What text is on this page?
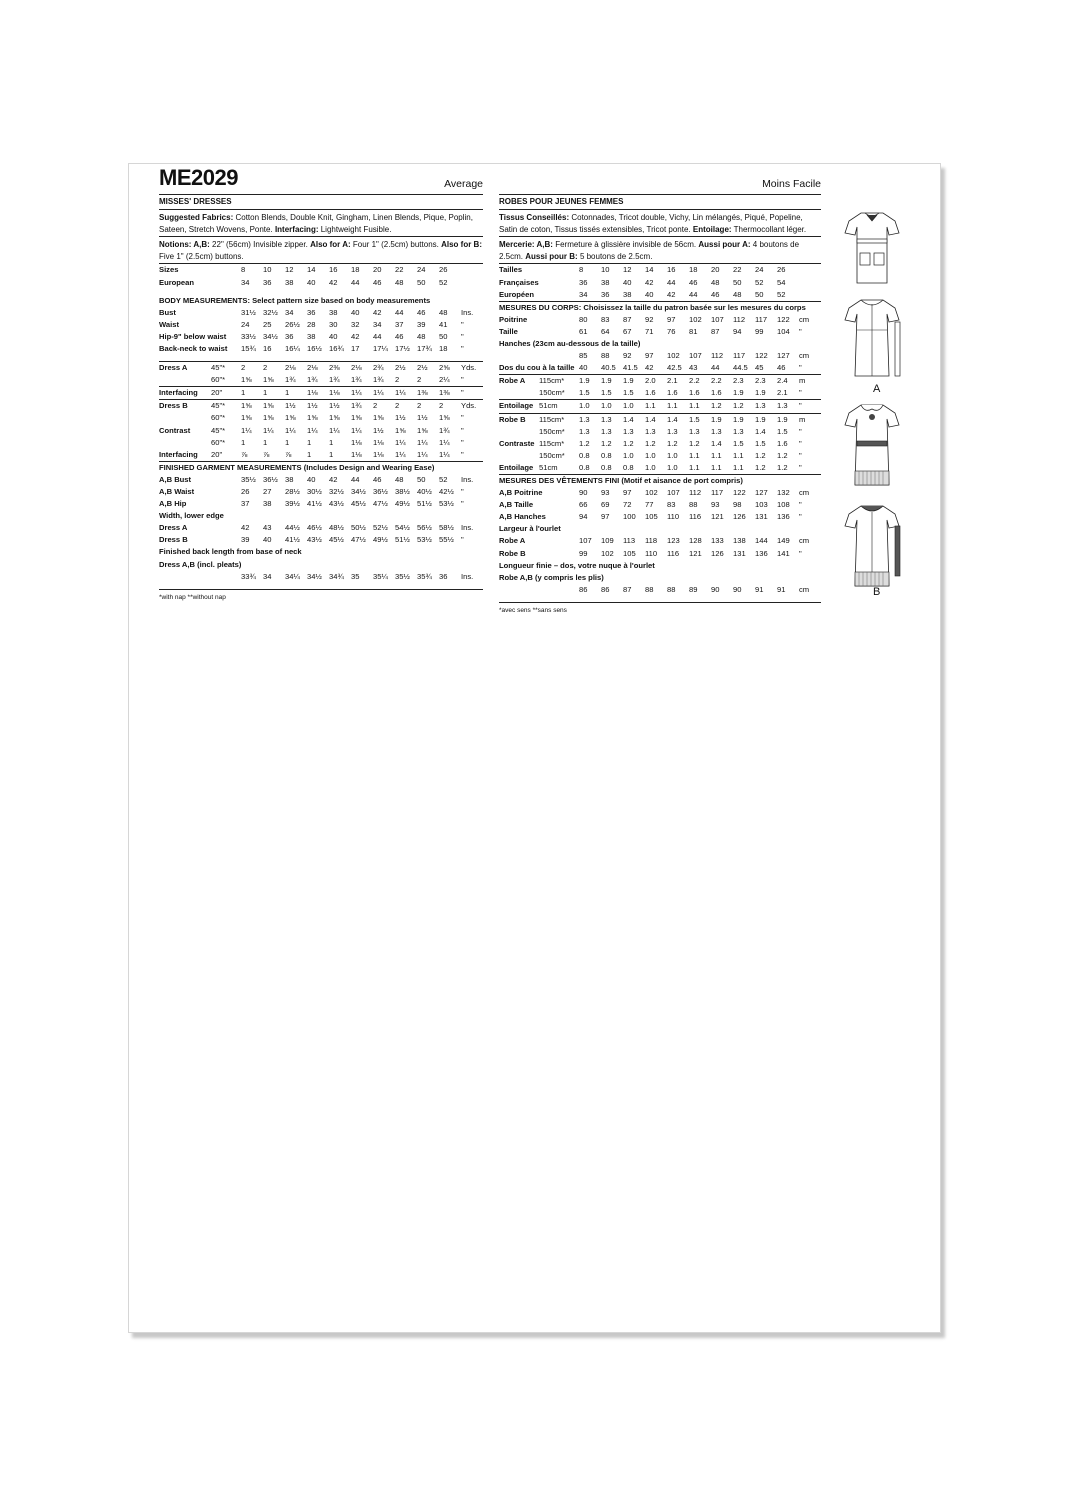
ME2029	Average
MISSES' DRESSES
Suggested Fabrics: Cotton Blends, Double Knit, Gingham, Linen Blends, Pique, Poplin, Sateen, Stretch Wovens, Ponte. Interfacing: Lightweight Fusible.
Notions: A,B: 22" (56cm) Invisible zipper. Also for A: Four 1" (2.5cm) buttons. Also for B: Five 1" (2.5cm) buttons.
Sizes		8	10	12	14	16	18	20	22	24	26	
European		34	36	38	40	42	44	46	48	50	52	

BODY MEASUREMENTS: Select pattern size based on body measurements												
Bust		31½	32½	34	36	38	40	42	44	46	48	Ins.
Waist		24	25	26½	28	30	32	34	37	39	41	"
Hip-9" below waist		33½	34½	36	38	40	42	44	46	48	50	"
Back-neck to waist		15¾	16	16¼	16½	16¾	17	17¼	17½	17¾	18	"

Dress A	45"*	2	2	2⅛	2⅛	2⅜	2⅛	2¾	2½	2½	2⅝	Yds.
	60"*	1⅝	1⅝	1¾	1¾	1¾	1¾	1¾	2	2	2¼	"
Interfacing	20"	1	1	1	1⅛	1⅛	1¼	1¼	1¼	1⅜	1⅜	"
Dress B	45"*	1⅝	1⅝	1½	1½	1½	1¾	2	2	2	2	Yds.
	60"*	1⅝	1⅝	1⅝	1⅝	1⅝	1⅝	1⅝	1½	1½	1⅝	"
Contrast	45"*	1¼	1¼	1¼	1¼	1¼	1¼	1½	1⅝	1⅝	1¾	"
	60"*	1	1	1	1	1	1⅛	1⅛	1¼	1¼	1¼	"
Interfacing	20"	⅞	⅞	⅞	1	1	1⅛	1⅛	1¼	1¼	1¼	"
FINISHED GARMENT MEASUREMENTS (Includes Design and Wearing Ease)												
A,B Bust		35½	36½	38	40	42	44	46	48	50	52	Ins.
A,B Waist		26	27	28½	30½	32½	34½	36½	38½	40½	42½	"
A,B Hip		37	38	39½	41½	43½	45½	47½	49½	51½	53½	"
Width, lower edge												
Dress A		42	43	44½	46½	48½	50½	52½	54½	56½	58½	Ins.
Dress B		39	40	41½	43½	45½	47½	49½	51½	53½	55½	"
Finished back length from base of neck												
Dress A,B (incl. pleats)												
		33¾	34	34¼	34½	34¾	35	35¼	35½	35¾	36	Ins.
*with nap **without nap
Moins Facile
ROBES POUR JEUNES FEMMES
Tissus Conseillés: Cotonnades, Tricot double, Vichy, Lin mélangés, Piqué, Popeline, Satin de coton, Tissus tissés extensibles, Tricot ponte. Entoilage: Thermocollant léger.
Mercerie: A,B: Fermeture à glissière invisible de 56cm. Aussi pour A: 4 boutons de 2.5cm. Aussi pour B: 5 boutons de 2.5cm.
Tailles		8	10	12	14	16	18	20	22	24	26	
Françaises		36	38	40	42	44	46	48	50	52	54	
Européen		34	36	38	40	42	44	46	48	50	52	
MESURES DU CORPS: Choisissez la taille du patron basée sur les mesures du corps												
Poitrine		80	83	87	92	97	102	107	112	117	122	cm
Taille		61	64	67	71	76	81	87	94	99	104	"
Hanches (23cm au-dessous de la taille)												
		85	88	92	97	102	107	112	117	122	127	cm
Dos du cou à la taille		40	40.5	41.5	42	42.5	43	44	44.5	45	46	"
Robe A	115cm*	1.9	1.9	1.9	2.0	2.1	2.2	2.2	2.3	2.3	2.4	m
	150cm*	1.5	1.5	1.5	1.6	1.6	1.6	1.6	1.9	1.9	2.1	"
Entoilage	51cm	1.0	1.0	1.0	1.1	1.1	1.1	1.2	1.2	1.3	1.3	"
Robe B	115cm*	1.3	1.3	1.4	1.4	1.4	1.5	1.9	1.9	1.9	1.9	m
	150cm*	1.3	1.3	1.3	1.3	1.3	1.3	1.3	1.3	1.4	1.5	"
Contraste	115cm*	1.2	1.2	1.2	1.2	1.2	1.2	1.4	1.5	1.5	1.6	"
	150cm*	0.8	0.8	1.0	1.0	1.0	1.1	1.1	1.1	1.2	1.2	"
Entoilage	51cm	0.8	0.8	0.8	1.0	1.0	1.1	1.1	1.1	1.2	1.2	"
MESURES DES VÊTEMENTS FINI (Motif et aisance de port compris)												
A,B Poitrine		90	93	97	102	107	112	117	122	127	132	cm
A,B Taille		66	69	72	77	83	88	93	98	103	108	"
A,B Hanches		94	97	100	105	110	116	121	126	131	136	"
Largeur à l'ourlet												
Robe A		107	109	113	118	123	128	133	138	144	149	cm
Robe B		99	102	105	110	116	121	126	131	136	141	"
Longueur finie – dos, votre nuque à l'ourlet												
Robe A,B (y compris les plis)												
		86	86	87	88	88	89	90	90	91	91	cm
*avec sens **sans sens
A
B
